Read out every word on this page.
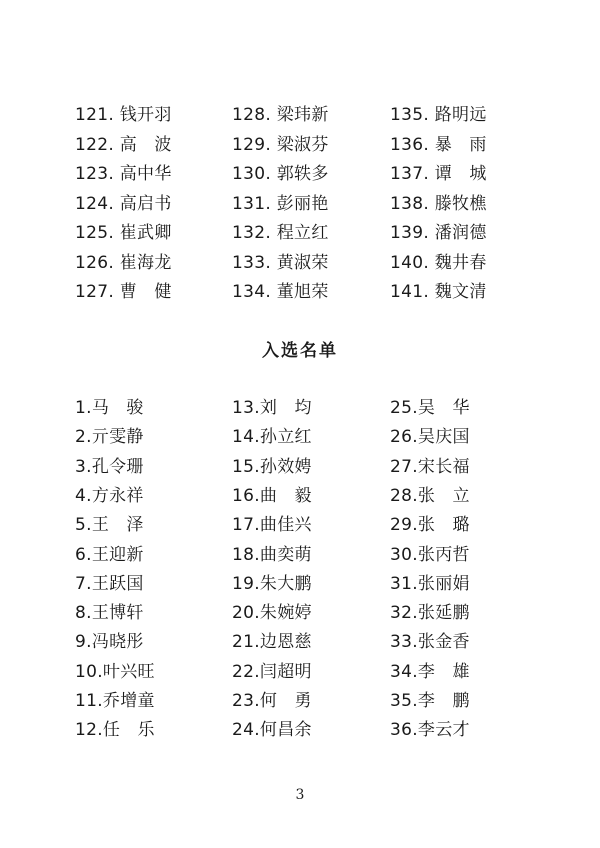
121. 钱开羽	128. 梁玮新	135. 路明远
122. 高　波	129. 梁淑芬	136. 暴　雨
123. 高中华	130. 郭轶多	137. 谭　城
124. 高启书	131. 彭丽艳	138. 滕牧樵
125. 崔武卿	132. 程立红	139. 潘润德
126. 崔海龙	133. 黄淑荣	140. 魏井春
127. 曹　健	134. 董旭荣	141. 魏文清
入选名单
1.马　骏	13.刘　均	25.吴　华
2.亓雯静	14.孙立红	26.吴庆国
3.孔令珊	15.孙效娉	27.宋长福
4.方永祥	16.曲　毅	28.张　立
5.王　泽	17.曲佳兴	29.张　璐
6.王迎新	18.曲奕萌	30.张丙哲
7.王跃国	19.朱大鹏	31.张丽娟
8.王博轩	20.朱婉婷	32.张延鹏
9.冯晓彤	21.边恩慈	33.张金香
10.叶兴旺	22.闫超明	34.李　雄
11.乔增童	23.何　勇	35.李　鹏
12.任　乐	24.何昌余	36.李云才
3
